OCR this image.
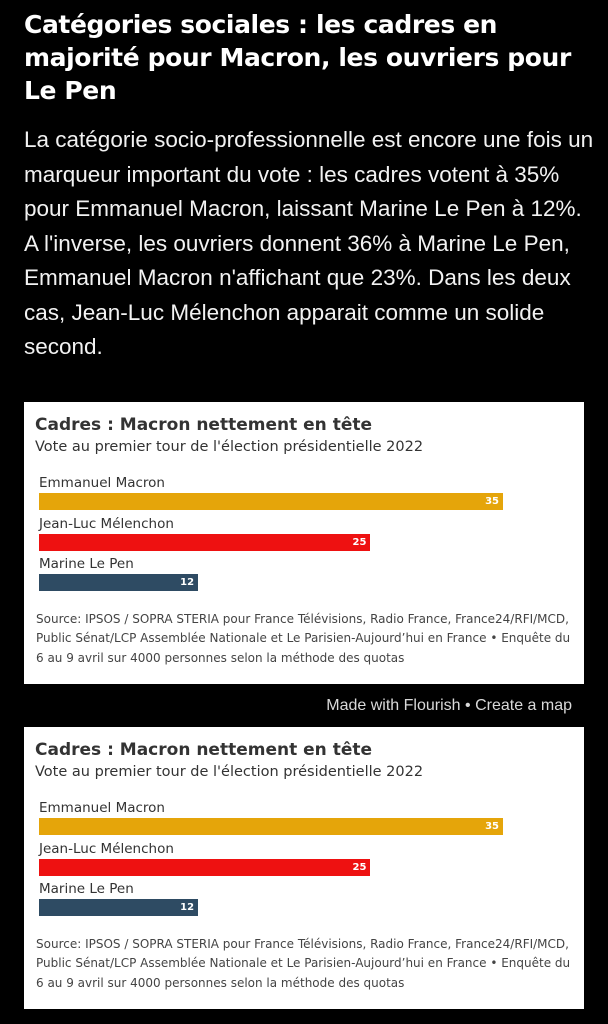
Catégories sociales : les cadres en majorité pour Macron, les ouvriers pour Le Pen

La catégorie socio-professionnelle est encore une fois un marqueur important du vote : les cadres votent à 35% pour Emmanuel Macron, laissant Marine Le Pen à 12%. A l'inverse, les ouvriers donnent 36% à Marine Le Pen, Emmanuel Macron n'affichant que 23%. Dans les deux cas, Jean-Luc Mélenchon apparait comme un solide second.

Cadres : Macron nettement en tête
Vote au premier tour de l'élection présidentielle 2022
Emmanuel Macron
35
Jean-Luc Mélenchon
25
Marine Le Pen
12
Source: IPSOS / SOPRA STERIA pour France Télévisions, Radio France, France24/RFI/MCD, Public Sénat/LCP Assemblée Nationale et Le Parisien-Aujourd’hui en France • Enquête du 6 au 9 avril sur 4000 personnes selon la méthode des quotas
Made with Flourish • Create a map
Cadres : Macron nettement en tête
Vote au premier tour de l'élection présidentielle 2022
Emmanuel Macron
35
Jean-Luc Mélenchon
25
Marine Le Pen
12
Source: IPSOS / SOPRA STERIA pour France Télévisions, Radio France, France24/RFI/MCD, Public Sénat/LCP Assemblée Nationale et Le Parisien-Aujourd’hui en France • Enquête du 6 au 9 avril sur 4000 personnes selon la méthode des quotas
